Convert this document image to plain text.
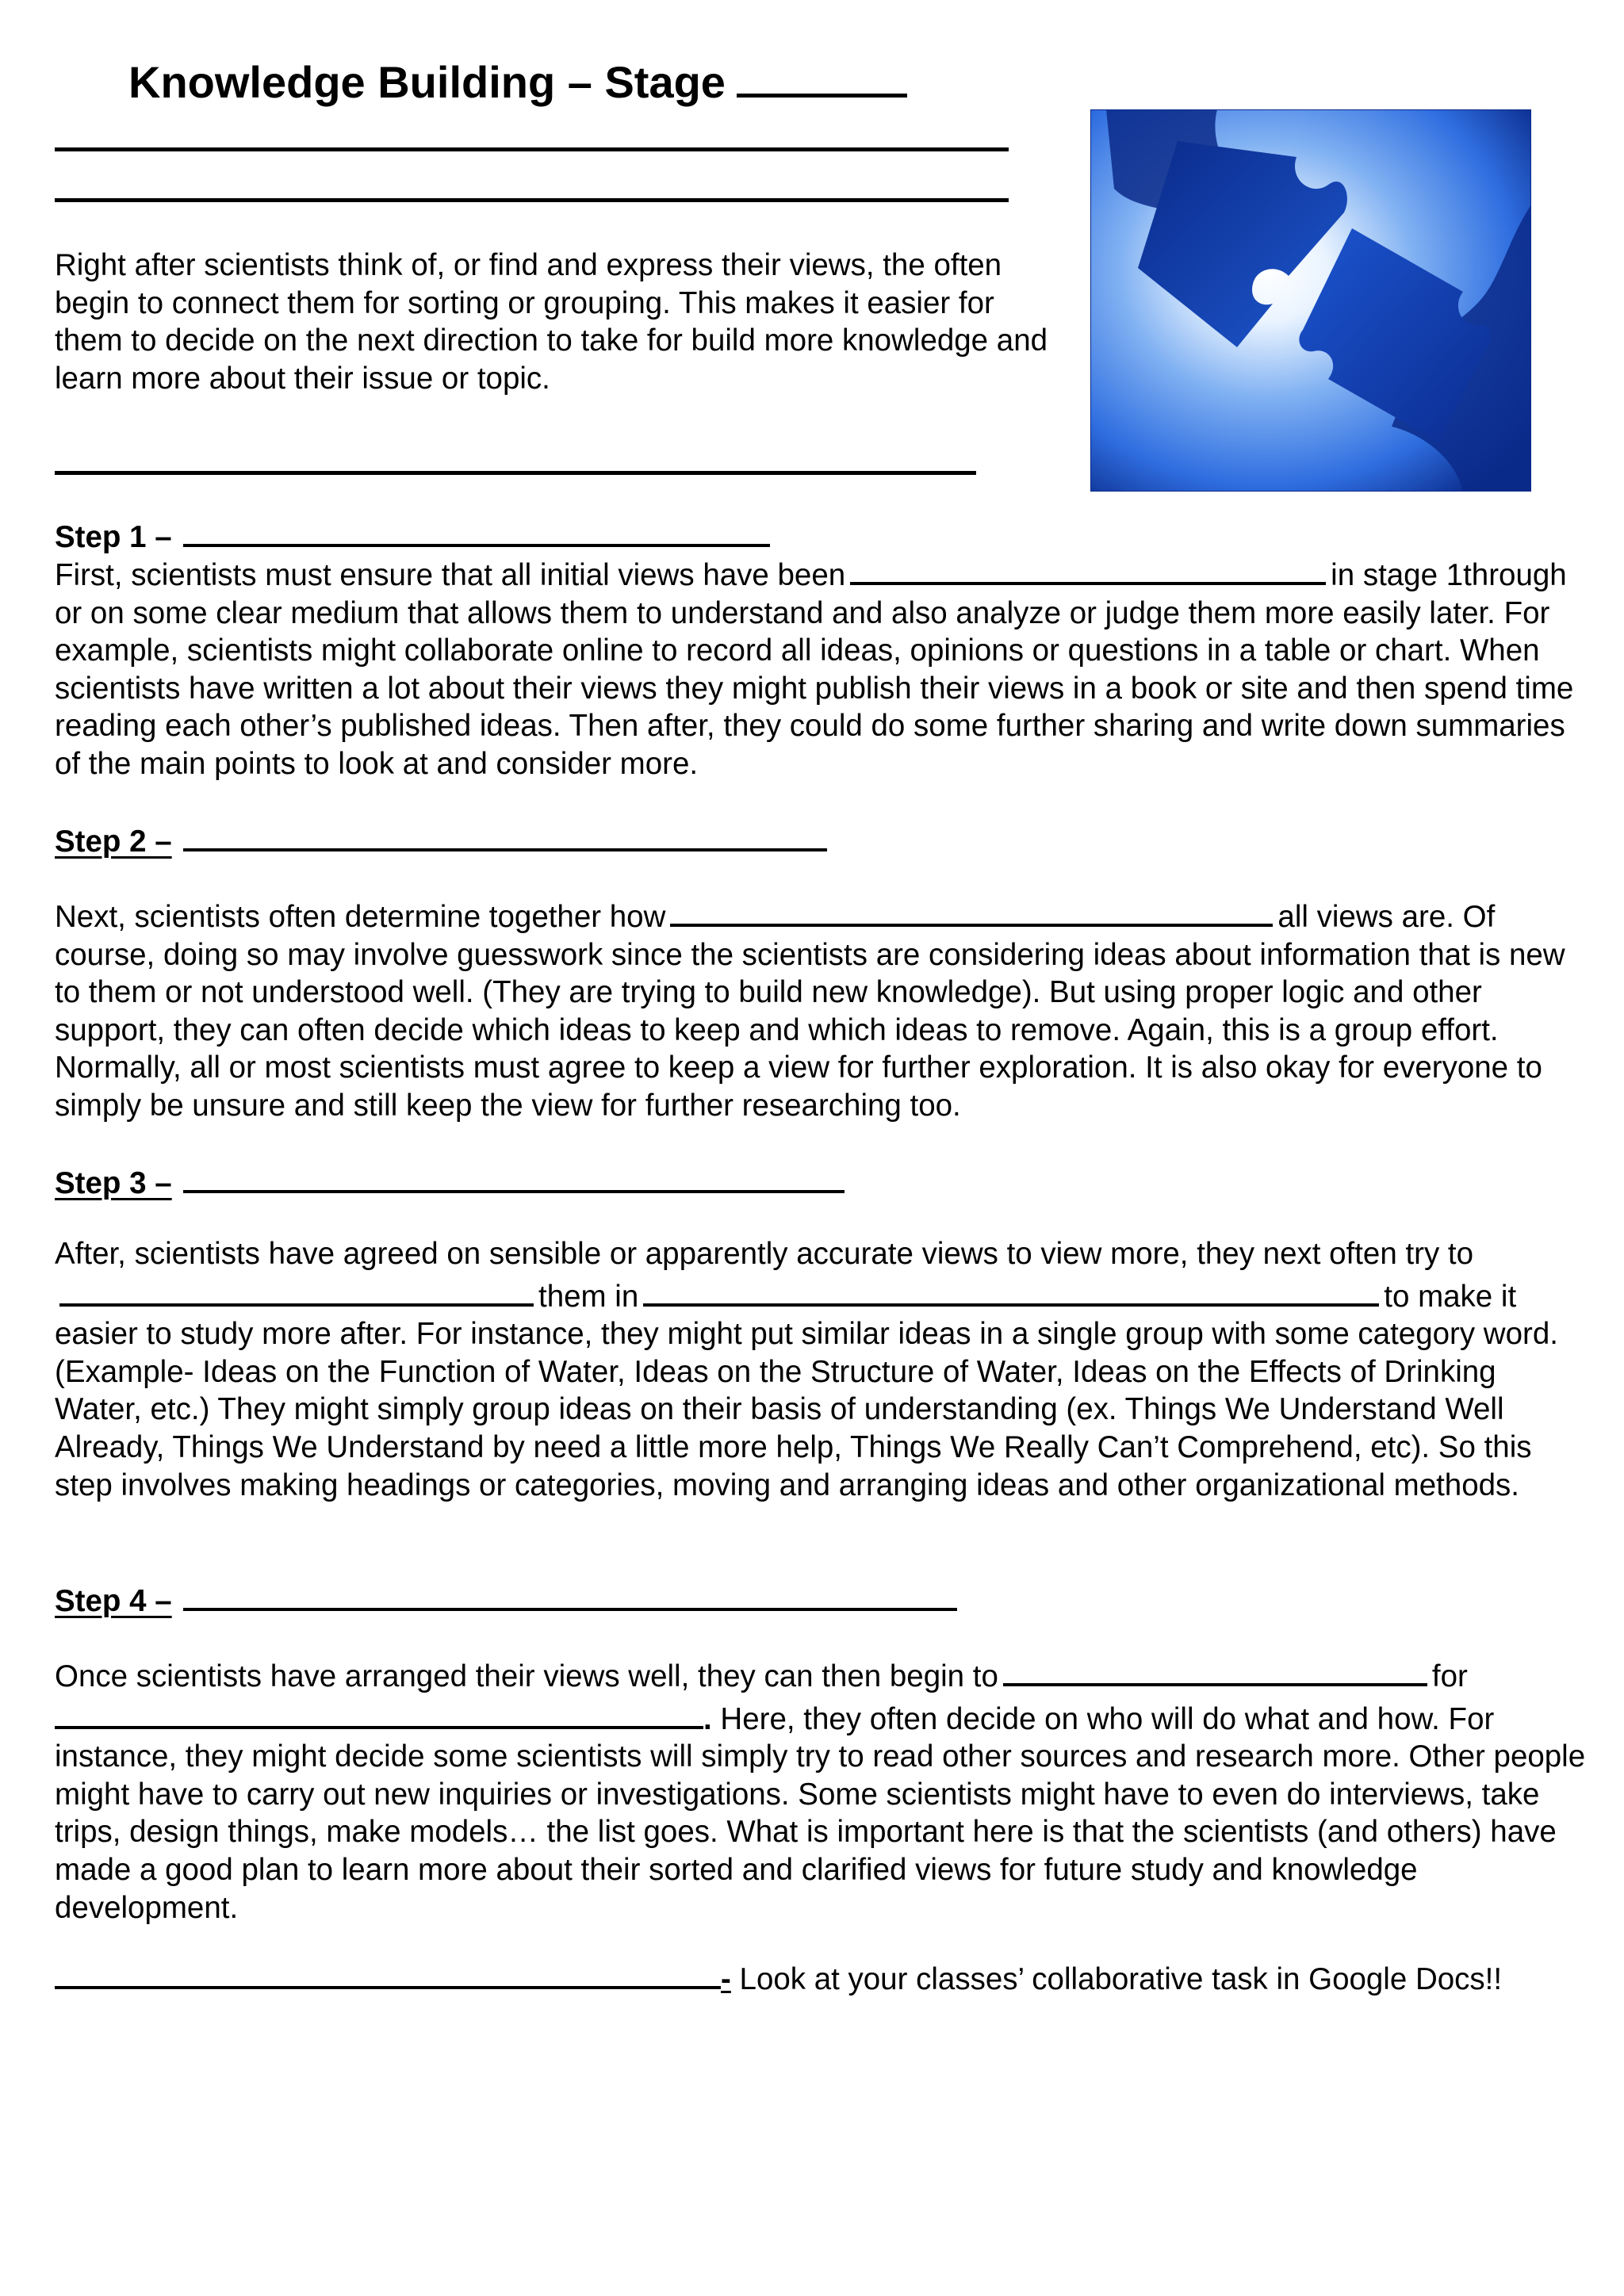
Knowledge Building – Stage

Right after scientists think of, or find and express their views, the often begin to connect them for sorting or grouping. This makes it easier for them to decide on the next direction to take for build more knowledge and learn more about their issue or topic.

Step 1 –

First, scientists must ensure that all initial views have been	in stage 1through or on some clear medium that allows them to understand and also analyze or judge them more easily later. For example, scientists might collaborate online to record all ideas, opinions or questions in a table or chart. When scientists have written a lot about their views they might publish their views in a book or site and then spend time reading each other’s published ideas. Then after, they could do some further sharing and write down summaries of the main points to look at and consider more.

Step 2 –

Next, scientists often determine together how	all views are. Of course, doing so may involve guesswork since the scientists are considering ideas about information that is new to them or not understood well. (They are trying to build new knowledge). But using proper logic and other support, they can often decide which ideas to keep and which ideas to remove. Again, this is a group effort. Normally, all or most scientists must agree to keep a view for further exploration. It is also okay for everyone to simply be unsure and still keep the view for further researching too.

Step 3 –

After, scientists have agreed on sensible or apparently accurate views to view more, they next often try tothem in	to make it easier to study more after. For instance, they might put similar ideas in a single group with some category word. (Example- Ideas on the Function of Water, Ideas on the Structure of Water, Ideas on the Effects of Drinking Water, etc.) They might simply group ideas on their basis of understanding (ex. Things We Understand Well Already, Things We Understand by need a little more help, Things We Really Can’t Comprehend, etc). So this step involves making headings or categories, moving and arranging ideas and other organizational methods.

Step 4 –

Once scientists have arranged their views well, they can then begin to	for. Here, they often decide on who will do what and how. For instance, they might decide some scientists will simply try to read other sources and research more. Other people might have to carry out new inquiries or investigations. Some scientists might have to even do interviews, take trips, design things, make models… the list goes. What is important here is that the scientists (and others) have made a good plan to learn more about their sorted and clarified views for future study and knowledge development.

- Look at your classes’ collaborative task in Google Docs!!
